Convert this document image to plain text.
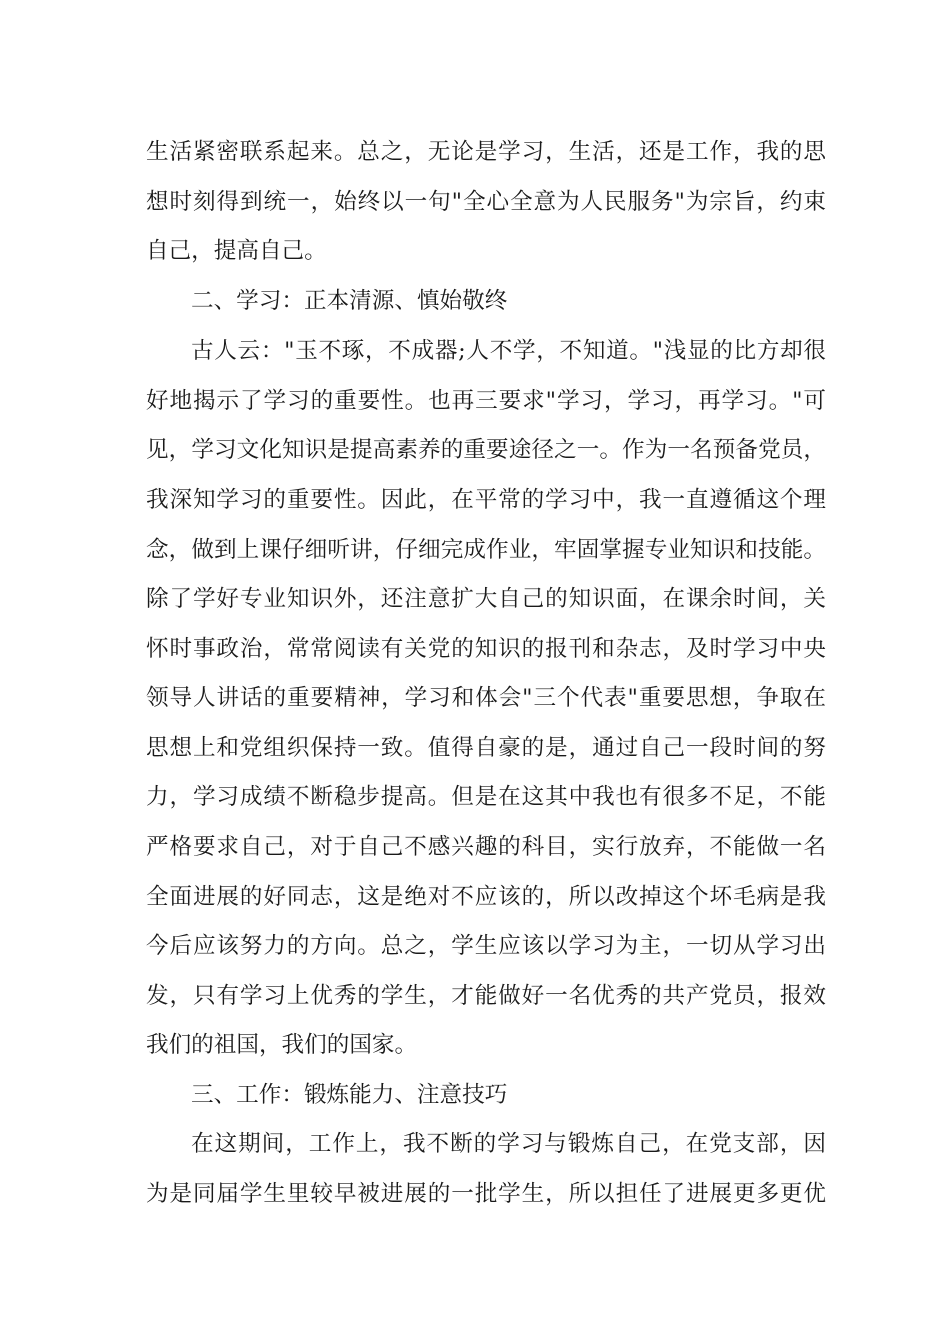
生活紧密联系起来。总之，无论是学习，生活，还是工作，我的思
想时刻得到统一，始终以一句"全心全意为人民服务"为宗旨，约束
自己，提高自己。
二、学习：正本清源、慎始敬终
古人云："玉不琢，不成器;人不学，不知道。"浅显的比方却很
好地揭示了学习的重要性。也再三要求"学习，学习，再学习。"可
见，学习文化知识是提高素养的重要途径之一。作为一名预备党员，
我深知学习的重要性。因此，在平常的学习中，我一直遵循这个理
念，做到上课仔细听讲，仔细完成作业，牢固掌握专业知识和技能。
除了学好专业知识外，还注意扩大自己的知识面，在课余时间，关
怀时事政治，常常阅读有关党的知识的报刊和杂志，及时学习中央
领导人讲话的重要精神，学习和体会"三个代表"重要思想，争取在
思想上和党组织保持一致。值得自豪的是，通过自己一段时间的努
力，学习成绩不断稳步提高。但是在这其中我也有很多不足，不能
严格要求自己，对于自己不感兴趣的科目，实行放弃，不能做一名
全面进展的好同志，这是绝对不应该的，所以改掉这个坏毛病是我
今后应该努力的方向。总之，学生应该以学习为主，一切从学习出
发，只有学习上优秀的学生，才能做好一名优秀的共产党员，报效
我们的祖国，我们的国家。
三、工作：锻炼能力、注意技巧
在这期间，工作上，我不断的学习与锻炼自己，在党支部，因
为是同届学生里较早被进展的一批学生，所以担任了进展更多更优
